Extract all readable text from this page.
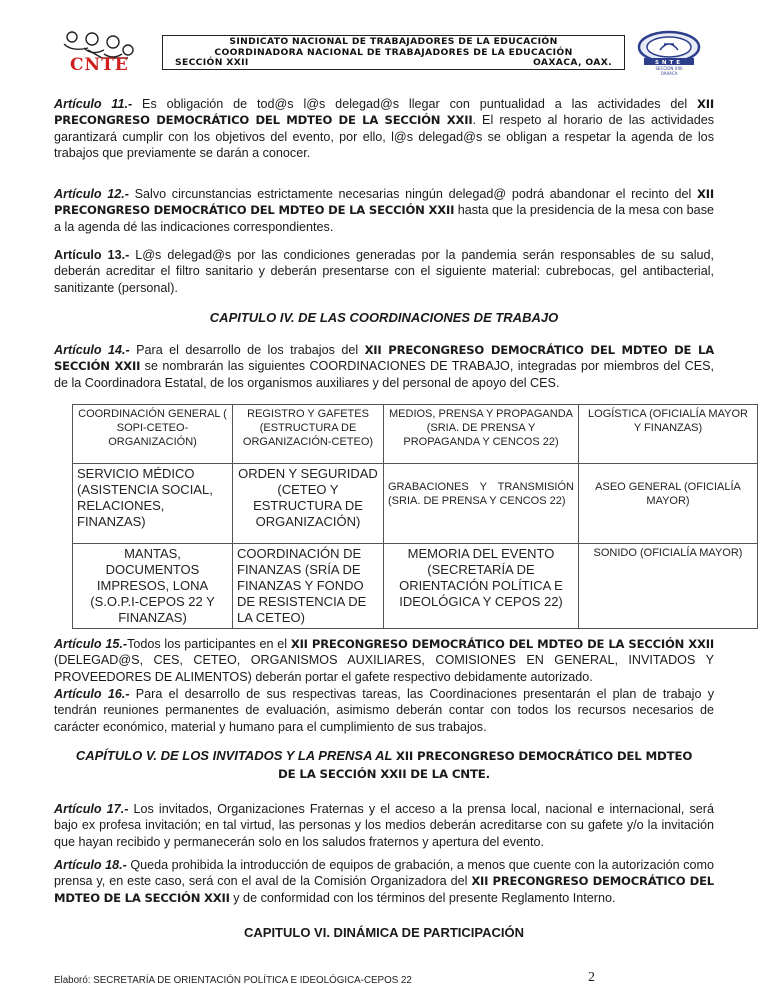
CNTE
SINDICATO NACIONAL DE TRABAJADORES DE LA EDUCACIÓN
COORDINADORA NACIONAL DE TRABAJADORES DE LA EDUCACIÓN
SECCIÓN XXII	OAXACA, OAX.	SNTE
SECCION XXII
OAXACA

Artículo 11.- Es obligación de tod@s l@s delegad@s llegar con puntualidad a las actividades del XII PRECONGRESO DEMOCRÁTICO DEL MDTEO DE LA SECCIÓN XXII. El respeto al horario de las actividades garantizará cumplir con los objetivos del evento, por ello, l@s delegad@s se obligan a respetar la agenda de los trabajos que previamente se darán a conocer.

Artículo 12.- Salvo circunstancias estrictamente necesarias ningún delegad@ podrá abandonar el recinto del XII PRECONGRESO DEMOCRÁTICO DEL MDTEO DE LA SECCIÓN XXII hasta que la presidencia de la mesa con base a la agenda dé las indicaciones correspondientes.

Artículo 13.- L@s delegad@s por las condiciones generadas por la pandemia serán responsables de su salud, deberán acreditar el filtro sanitario y deberán presentarse con el siguiente material: cubrebocas, gel antibacterial, sanitizante (personal).

CAPITULO IV. DE LAS COORDINACIONES DE TRABAJO

Artículo 14.- Para el desarrollo de los trabajos del XII PRECONGRESO DEMOCRÁTICO DEL MDTEO DE LA SECCIÓN XXII se nombrarán las siguientes COORDINACIONES DE TRABAJO, integradas por miembros del CES, de la Coordinadora Estatal, de los organismos auxiliares y del personal de apoyo del CES.

COORDINACIÓN GENERAL ( SOPI-CETEO-ORGANIZACIÓN)	REGISTRO Y GAFETES (ESTRUCTURA DE ORGANIZACIÓN-CETEO)	MEDIOS, PRENSA Y PROPAGANDA (SRIA. DE PRENSA Y PROPAGANDA Y CENCOS 22)	LOGÍSTICA (OFICIALÍA MAYOR Y FINANZAS)
SERVICIO MÉDICO (ASISTENCIA SOCIAL, RELACIONES, FINANZAS)	ORDEN Y SEGURIDAD (CETEO Y ESTRUCTURA DE ORGANIZACIÓN)	GRABACIONES Y TRANSMISIÓN (SRIA. DE PRENSA Y CENCOS 22)	ASEO GENERAL (OFICIALÍA MAYOR)
MANTAS, DOCUMENTOS IMPRESOS, LONA (S.O.P.I-CEPOS 22 Y FINANZAS)	COORDINACIÓN DE FINANZAS (SRÍA DE FINANZAS Y FONDO DE RESISTENCIA DE LA CETEO)	MEMORIA DEL EVENTO (SECRETARÍA DE ORIENTACIÓN POLÍTICA E IDEOLÓGICA Y CEPOS 22)	SONIDO (OFICIALÍA MAYOR)

Artículo 15.-Todos los participantes en el XII PRECONGRESO DEMOCRÁTICO DEL MDTEO DE LA SECCIÓN XXII (DELEGAD@S, CES, CETEO, ORGANISMOS AUXILIARES, COMISIONES EN GENERAL, INVITADOS Y PROVEEDORES DE ALIMENTOS) deberán portar el gafete respectivo debidamente autorizado.

Artículo 16.- Para el desarrollo de sus respectivas tareas, las Coordinaciones presentarán el plan de trabajo y tendrán reuniones permanentes de evaluación, asimismo deberán contar con todos los recursos necesarios de carácter económico, material y humano para el cumplimiento de sus trabajos.

CAPÍTULO V. DE LOS INVITADOS Y LA PRENSA AL XII PRECONGRESO DEMOCRÁTICO DEL MDTEO DE LA SECCIÓN XXII DE LA CNTE.

Artículo 17.- Los invitados, Organizaciones Fraternas y el acceso a la prensa local, nacional e internacional, será bajo ex profesa invitación; en tal virtud, las personas y los medios deberán acreditarse con su gafete y/o la invitación que hayan recibido y permanecerán solo en los saludos fraternos y apertura del evento.

Artículo 18.- Queda prohibida la introducción de equipos de grabación, a menos que cuente con la autorización como prensa y, en este caso, será con el aval de la Comisión Organizadora del XII PRECONGRESO DEMOCRÁTICO DEL MDTEO DE LA SECCIÓN XXII y de conformidad con los términos del presente Reglamento Interno.

CAPITULO VI. DINÁMICA DE PARTICIPACIÓN
Elaboró: SECRETARÍA DE ORIENTACIÓN POLÍTICA E IDEOLÓGICA-CEPOS 22	2
